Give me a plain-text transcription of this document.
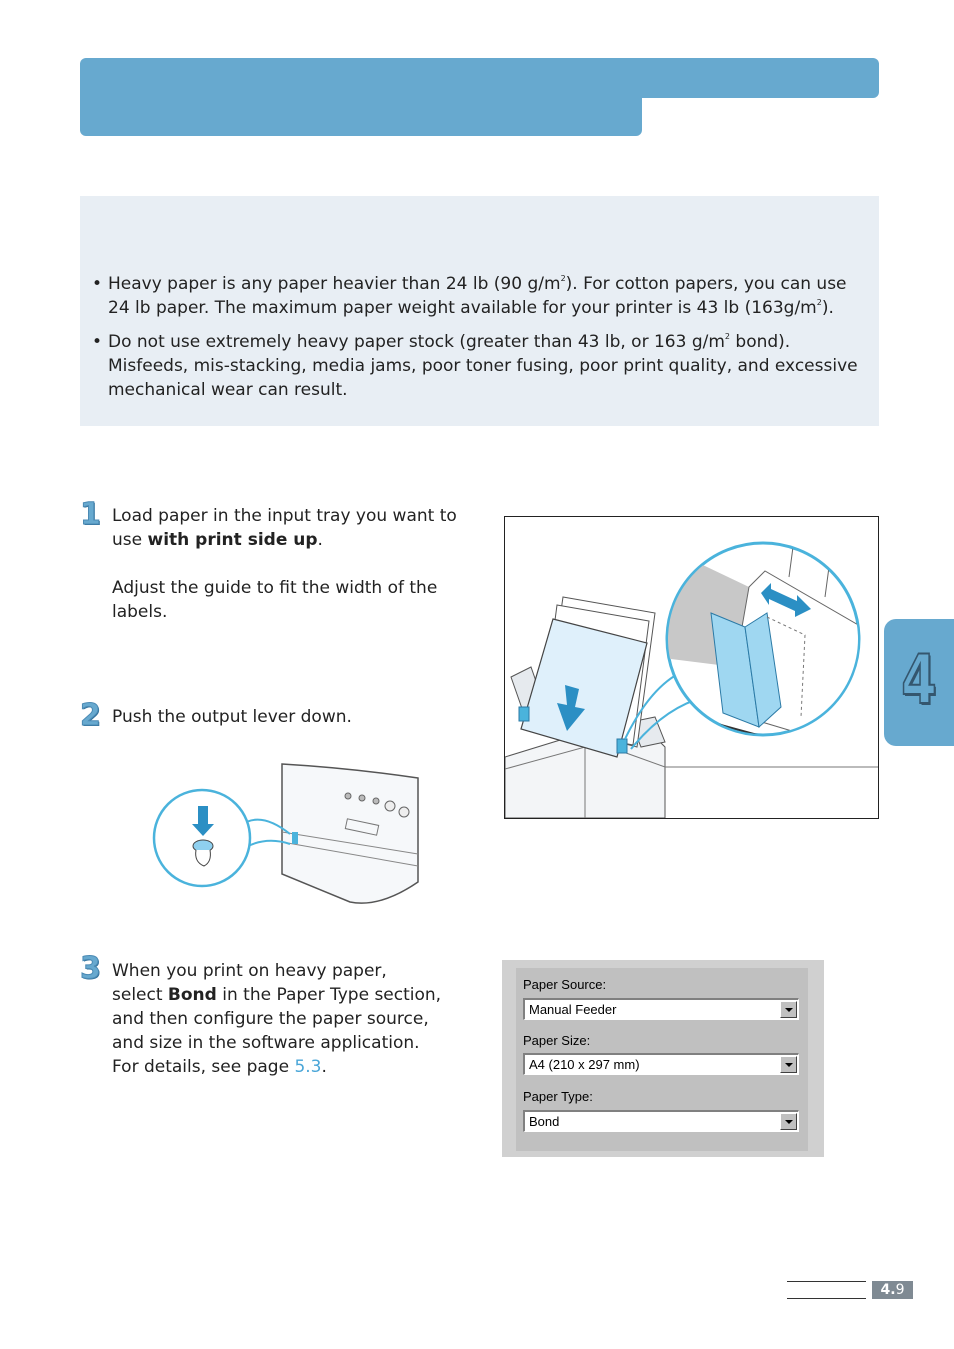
• Heavy paper is any paper heavier than 24 lb (90 $g/m^2$). For cotton papers, you can use 24 lb paper. The maximum paper weight available for your printer is 43 lb $(163g/m^2)$.
• Do not use extremely heavy paper stock (greater than 43 lb, or 163 $g/m^2$ bond). Misfeeds, mis-stacking, media jams, poor toner fusing, poor print quality, and excessive mechanical wear can result.
1 Load paper in the input tray you want to use with print side up.

Adjust the guide to fit the width of the labels.

2 Push the output lever down.
3 When you print on heavy paper, select Bond in the Paper Type section, and then configure the paper source, and size in the software application. For details, see page 5.3.
Paper Source:
Manual Feeder
Paper Size:
A4 (210 x 297 mm)
Paper Type:
Bond
4
4.9
